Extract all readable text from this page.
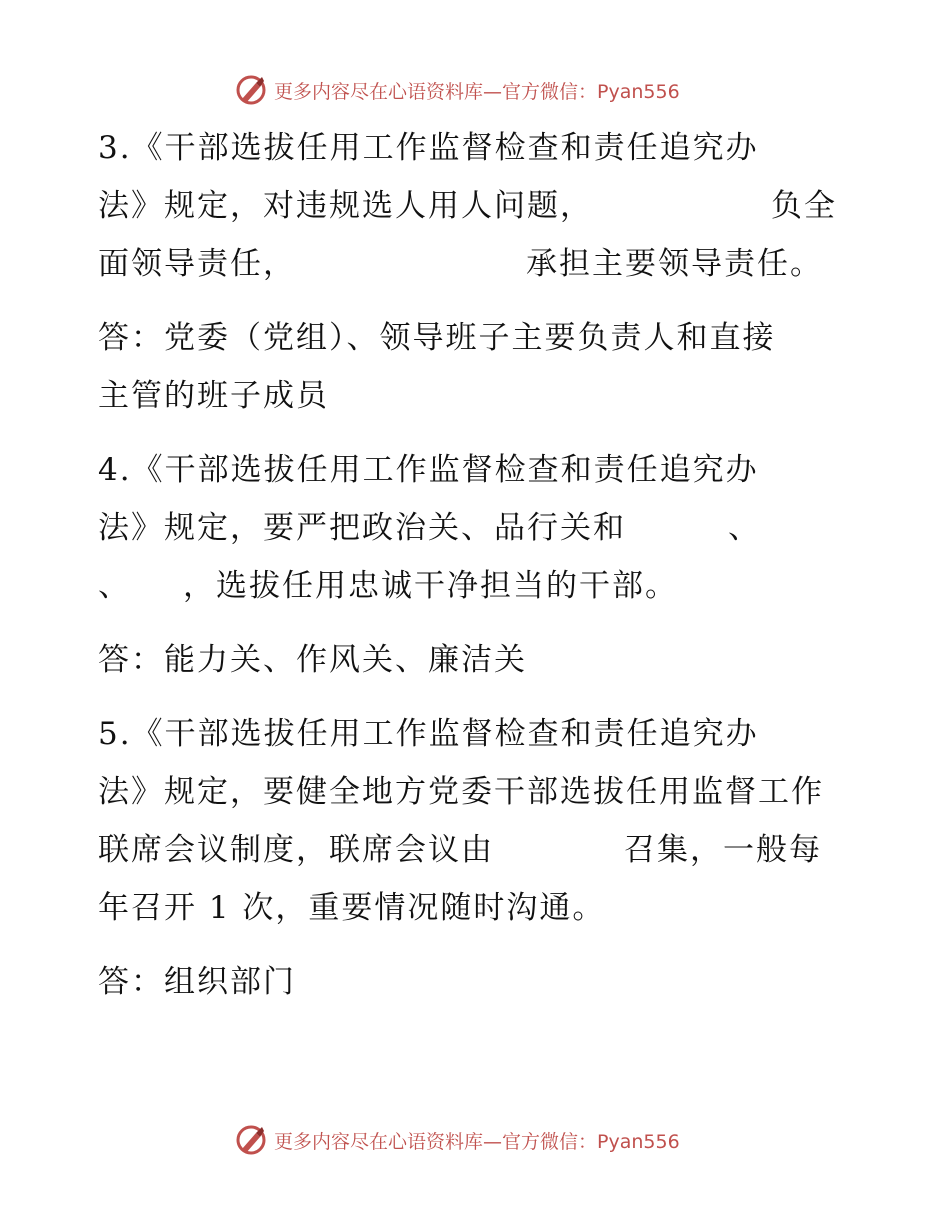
更多内容尽在心语资料库—官方微信：Pyan556
3.《干部选拔任用工作监督检查和责任追究办
法》规定，对违规选人用人问题，	负全
面领导责任，	承担主要领导责任。
答：党委（党组）、领导班子主要负责人和直接
主管的班子成员
4.《干部选拔任用工作监督检查和责任追究办
法》规定，要严把政治关、品行关和	、
、 ，选拔任用忠诚干净担当的干部。
答：能力关、作风关、廉洁关
5.《干部选拔任用工作监督检查和责任追究办
法》规定，要健全地方党委干部选拔任用监督工作
联席会议制度，联席会议由	召集，一般每
年召开 1 次，重要情况随时沟通。
答：组织部门
更多内容尽在心语资料库—官方微信：Pyan556
